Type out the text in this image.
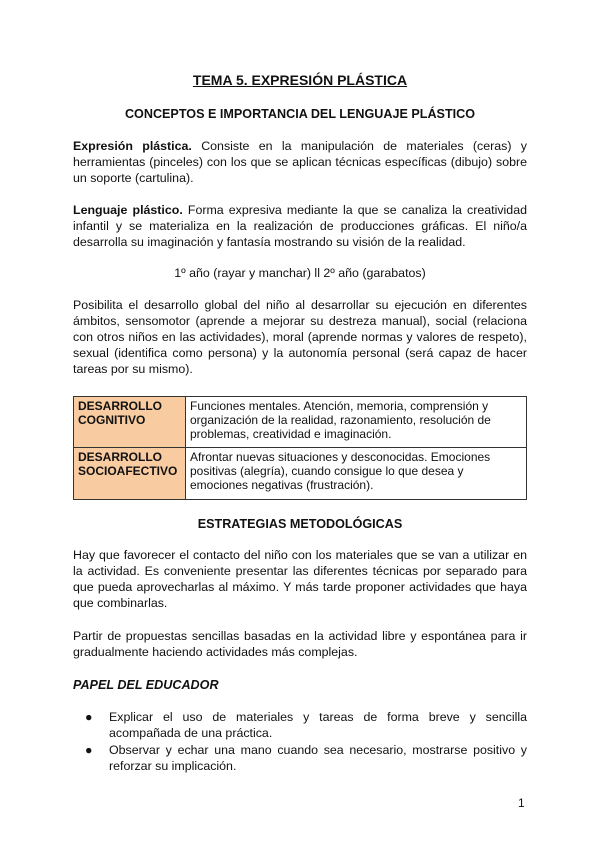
TEMA 5. EXPRESIÓN PLÁSTICA
CONCEPTOS E IMPORTANCIA DEL LENGUAJE PLÁSTICO

Expresión plástica. Consiste en la manipulación de materiales (ceras) y herramientas (pinceles) con los que se aplican técnicas específicas (dibujo) sobre un soporte (cartulina).

Lenguaje plástico. Forma expresiva mediante la que se canaliza la creatividad infantil y se materializa en la realización de producciones gráficas. El niño/a desarrolla su imaginación y fantasía mostrando su visión de la realidad.

1º año (rayar y manchar) ll 2º año (garabatos)

Posibilita el desarrollo global del niño al desarrollar su ejecución en diferentes ámbitos, sensomotor (aprende a mejorar su destreza manual), social (relaciona con otros niños en las actividades), moral (aprende normas y valores de respeto), sexual (identifica como persona) y la autonomía personal (será capaz de hacer tareas por su mismo).

DESARROLLO COGNITIVO	Funciones mentales. Atención, memoria, comprensión y organización de la realidad, razonamiento, resolución de problemas, creatividad e imaginación.
DESARROLLO SOCIOAFECTIVO	Afrontar nuevas situaciones y desconocidas. Emociones positivas (alegría), cuando consigue lo que desea y emociones negativas (frustración).
ESTRATEGIAS METODOLÓGICAS

Hay que favorecer el contacto del niño con los materiales que se van a utilizar en la actividad. Es conveniente presentar las diferentes técnicas por separado para que pueda aprovecharlas al máximo. Y más tarde proponer actividades que haya que combinarlas.

Partir de propuestas sencillas basadas en la actividad libre y espontánea para ir gradualmente haciendo actividades más complejas.

PAPEL DEL EDUCADOR
● Explicar el uso de materiales y tareas de forma breve y sencilla acompañada de una práctica.
● Observar y echar una mano cuando sea necesario, mostrarse positivo y reforzar su implicación.
1
